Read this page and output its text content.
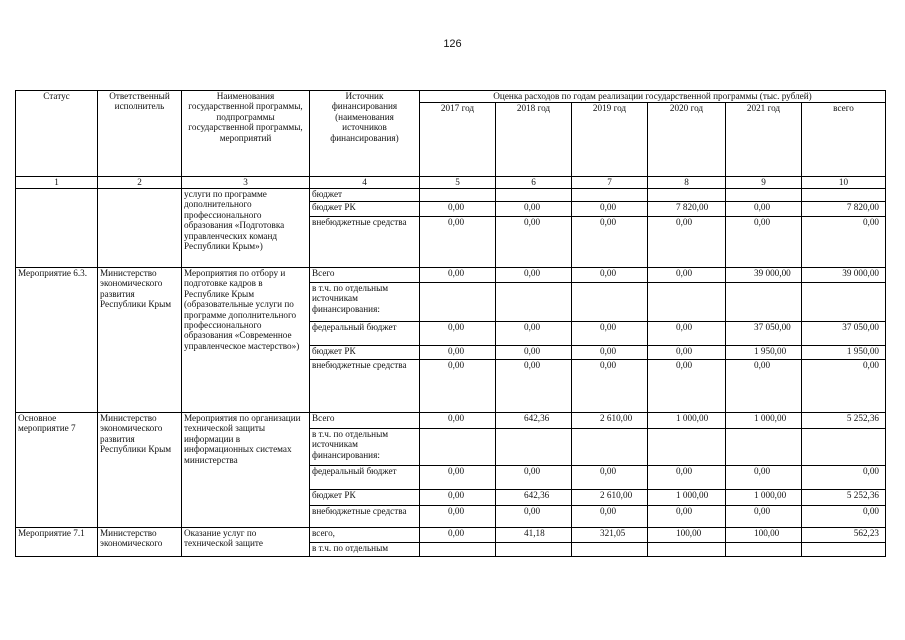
126
Статус	Ответственный исполнитель	Наименования государственной программы, подпрограммы государственной программы, мероприятий	Источник финансирования (наименования источников финансирования)	Оценка расходов по годам реализации государственной программы (тыс. рублей)					
				2017 год	2018 год	2019 год	2020 год	2021 год	всего
1	2	3	4	5	6	7	8	9	10
		услуги по программе дополнительного профессионального образования «Подготовка управленческих команд Республики Крым»)	бюджет						
			бюджет РК	0,00	0,00	0,00	7 820,00	0,00	7 820,00
			внебюджетные средства	0,00	0,00	0,00	0,00	0,00	0,00
Мероприятие 6.3.	Министерство экономического развития Республики Крым	Мероприятия по отбору и подготовке кадров в Республике Крым (образовательные услуги по программе дополнительного профессионального образования «Современное управленческое мастерство»)	Всего	0,00	0,00	0,00	0,00	39 000,00	39 000,00
			в т.ч. по отдельным источникам финансирования:						
			федеральный бюджет	0,00	0,00	0,00	0,00	37 050,00	37 050,00
			бюджет РК	0,00	0,00	0,00	0,00	1 950,00	1 950,00
			внебюджетные средства	0,00	0,00	0,00	0,00	0,00	0,00
Основное мероприятие 7	Министерство экономического развития Республики Крым	Мероприятия по организации технической защиты информации в информационных системах министерства	Всего	0,00	642,36	2 610,00	1 000,00	1 000,00	5 252,36
			в т.ч. по отдельным источникам финансирования:						
			федеральный бюджет	0,00	0,00	0,00	0,00	0,00	0,00
			бюджет РК	0,00	642,36	2 610,00	1 000,00	1 000,00	5 252,36
			внебюджетные средства	0,00	0,00	0,00	0,00	0,00	0,00
Мероприятие 7.1	Министерство экономического	Оказание услуг по технической защите	всего,	0,00	41,18	321,05	100,00	100,00	562,23
			в т.ч. по отдельным						
